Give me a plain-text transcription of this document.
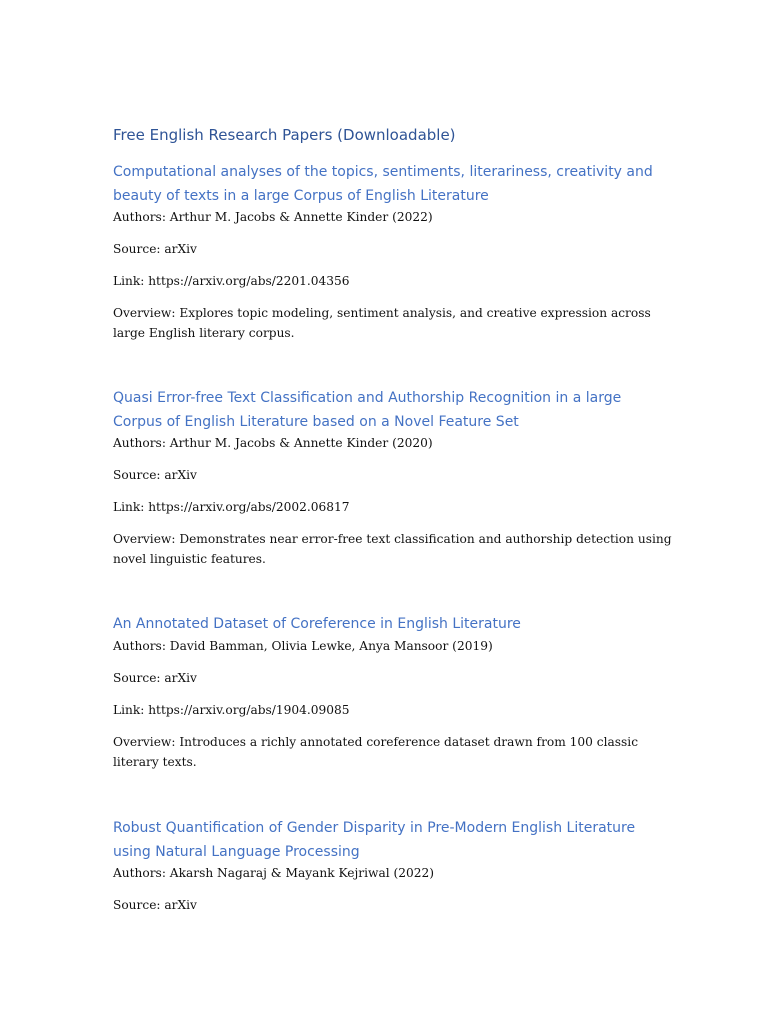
Free English Research Papers (Downloadable)
Computational analyses of the topics, sentiments, literariness, creativity and beauty of texts in a large Corpus of English Literature

Authors: Arthur M. Jacobs & Annette Kinder (2022)

Source: arXiv

Link: https://arxiv.org/abs/2201.04356

Overview: Explores topic modeling, sentiment analysis, and creative expression across large English literary corpus.

Quasi Error-free Text Classification and Authorship Recognition in a large Corpus of English Literature based on a Novel Feature Set

Authors: Arthur M. Jacobs & Annette Kinder (2020)

Source: arXiv

Link: https://arxiv.org/abs/2002.06817

Overview: Demonstrates near error-free text classification and authorship detection using novel linguistic features.

An Annotated Dataset of Coreference in English Literature

Authors: David Bamman, Olivia Lewke, Anya Mansoor (2019)

Source: arXiv

Link: https://arxiv.org/abs/1904.09085

Overview: Introduces a richly annotated coreference dataset drawn from 100 classic literary texts.

Robust Quantification of Gender Disparity in Pre-Modern English Literature using Natural Language Processing

Authors: Akarsh Nagaraj & Mayank Kejriwal (2022)

Source: arXiv
